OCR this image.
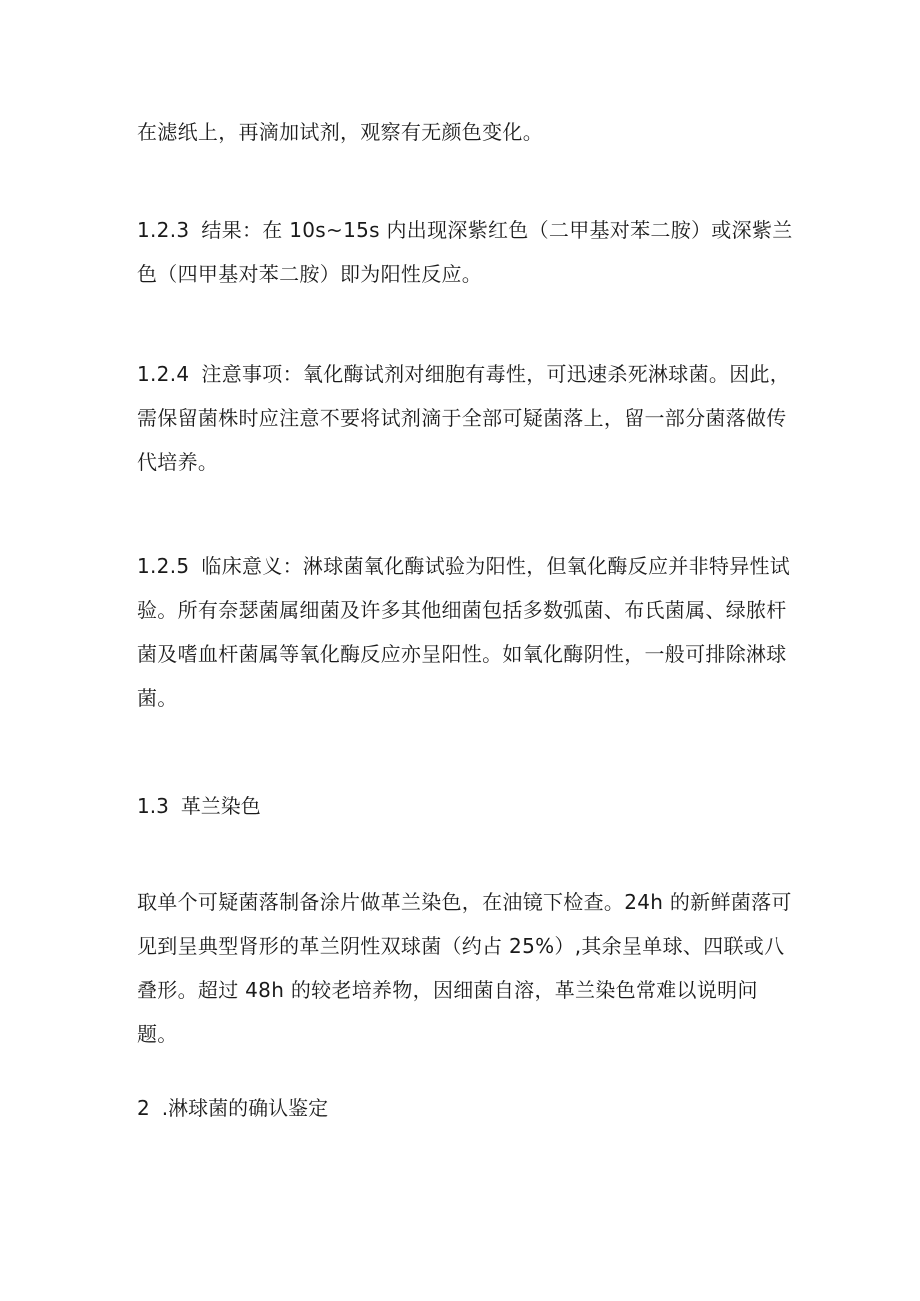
在滤纸上，再滴加试剂，观察有无颜色变化。

1.2.3 结果：在 10s~15s 内出现深紫红色（二甲基对苯二胺）或深紫兰色（四甲基对苯二胺）即为阳性反应。

1.2.4 注意事项：氧化酶试剂对细胞有毒性，可迅速杀死淋球菌。因此，需保留菌株时应注意不要将试剂滴于全部可疑菌落上，留一部分菌落做传代培养。

1.2.5 临床意义：淋球菌氧化酶试验为阳性，但氧化酶反应并非特异性试验。所有奈瑟菌属细菌及许多其他细菌包括多数弧菌、布氏菌属、绿脓杆菌及嗜血杆菌属等氧化酶反应亦呈阳性。如氧化酶阴性，一般可排除淋球菌。

1.3 革兰染色

取单个可疑菌落制备涂片做革兰染色，在油镜下检查。24h 的新鲜菌落可见到呈典型肾形的革兰阴性双球菌（约占 25%）,其余呈单球、四联或八叠形。超过 48h 的较老培养物，因细菌自溶，革兰染色常难以说明问题。

2 .淋球菌的确认鉴定
